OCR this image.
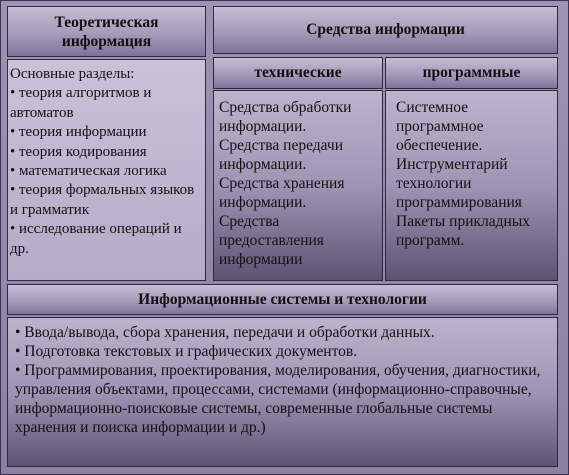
Теоретическая
информация
Основные разделы:
• теория алгоритмов и автоматов
• теория информации
• теория кодирования
• математическая логика
• теория формальных языков и грамматик
• исследование операций и др.
Средства информации
технические	программные
Средства обработки информации.
Средства передачи информации.
Средства хранения информации.
Средства предоставления информации
Системное программное обеспечение.
Инструментарий технологии программирования
Пакеты прикладных программ.
Информационные системы и технологии
• Ввода/вывода, сбора хранения, передачи и обработки данных.
• Подготовка текстовых и графических документов.
• Программирования, проектирования, моделирования, обучения, диагностики, управления объектами, процессами, системами (информационно-справочные, информационно-поисковые системы, современные глобальные системы хранения и поиска информации и др.)
